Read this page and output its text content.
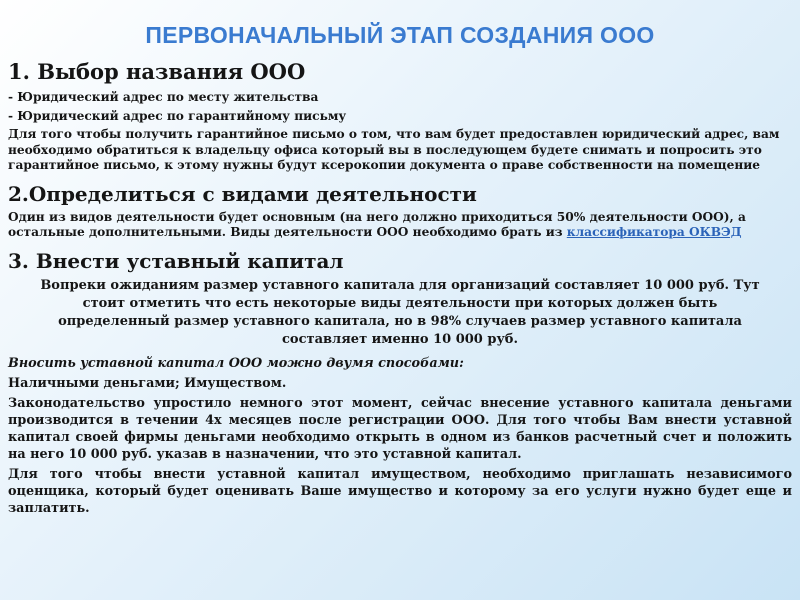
ПЕРВОНАЧАЛЬНЫЙ ЭТАП СОЗДАНИЯ ООО
1. Выбор названия ООО
- Юридический адрес по месту жительства
- Юридический адрес по гарантийному письму
Для того чтобы получить гарантийное письмо о том, что вам будет предоставлен юридический адрес, вам необходимо обратиться к владельцу офиса который вы в последующем будете снимать и попросить это гарантийное письмо, к этому нужны будут ксерокопии документа о праве собственности на помещение
2.Определиться с видами деятельности
Один из видов деятельности будет основным (на него должно приходиться 50% деятельности ООО), а остальные дополнительными. Виды деятельности ООО необходимо брать из классификатора ОКВЭД
3. Внести уставный капитал
Вопреки ожиданиям размер уставного капитала для организаций составляет 10 000 руб. Тут стоит отметить что есть некоторые виды деятельности при которых должен быть определенный размер уставного капитала, но в 98% случаев размер уставного капитала составляет именно 10 000 руб.
Вносить уставной капитал ООО можно двумя способами:
Наличными деньгами; Имуществом.
Законодательство упростило немного этот момент, сейчас внесение уставного капитала деньгами производится в течении 4х месяцев после регистрации ООО. Для того чтобы Вам внести уставной капитал своей фирмы деньгами необходимо открыть в одном из банков расчетный счет и положить на него 10 000 руб. указав в назначении, что это уставной капитал.
Для того чтобы внести уставной капитал имуществом, необходимо приглашать независимого оценщика, который будет оценивать Ваше имущество и которому за его услуги нужно будет еще и заплатить.
